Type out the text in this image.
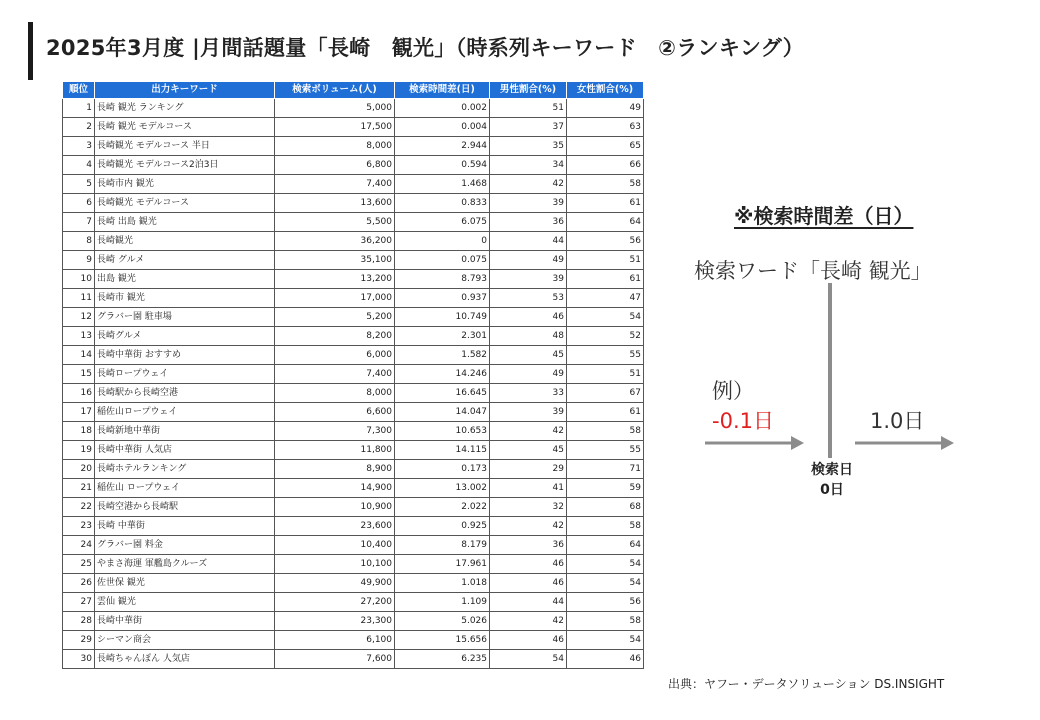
2025年3月度 |月間話題量「長崎　観光」（時系列キーワード　②ランキング）
順位	出力キーワード	検索ボリューム(人)	検索時間差(日)	男性割合(%)	女性割合(%)
1	長崎 観光 ランキング	5,000	0.002	51	49
2	長崎 観光 モデルコース	17,500	0.004	37	63
3	長崎観光 モデルコース 半日	8,000	2.944	35	65
4	長崎観光 モデルコース2泊3日	6,800	0.594	34	66
5	長崎市内 観光	7,400	1.468	42	58
6	長崎観光 モデルコース	13,600	0.833	39	61
7	長崎 出島 観光	5,500	6.075	36	64
8	長崎観光	36,200	0	44	56
9	長崎 グルメ	35,100	0.075	49	51
10	出島 観光	13,200	8.793	39	61
11	長崎市 観光	17,000	0.937	53	47
12	グラバー園 駐車場	5,200	10.749	46	54
13	長崎グルメ	8,200	2.301	48	52
14	長崎中華街 おすすめ	6,000	1.582	45	55
15	長崎ロープウェイ	7,400	14.246	49	51
16	長崎駅から長崎空港	8,000	16.645	33	67
17	稲佐山ロープウェイ	6,600	14.047	39	61
18	長崎新地中華街	7,300	10.653	42	58
19	長崎中華街 人気店	11,800	14.115	45	55
20	長崎ホテルランキング	8,900	0.173	29	71
21	稲佐山 ロープウェイ	14,900	13.002	41	59
22	長崎空港から長崎駅	10,900	2.022	32	68
23	長崎 中華街	23,600	0.925	42	58
24	グラバー園 料金	10,400	8.179	36	64
25	やまさ海運 軍艦島クルーズ	10,100	17.961	46	54
26	佐世保 観光	49,900	1.018	46	54
27	雲仙 観光	27,200	1.109	44	56
28	長崎中華街	23,300	5.026	42	58
29	シーマン商会	6,100	15.656	46	54
30	長崎ちゃんぽん 人気店	7,600	6.235	54	46
※検索時間差（日）
検索ワード「長崎 観光」
例）
-0.1日	1.0日
検索日
0日
出典：ヤフー・データソリューション DS.INSIGHT
